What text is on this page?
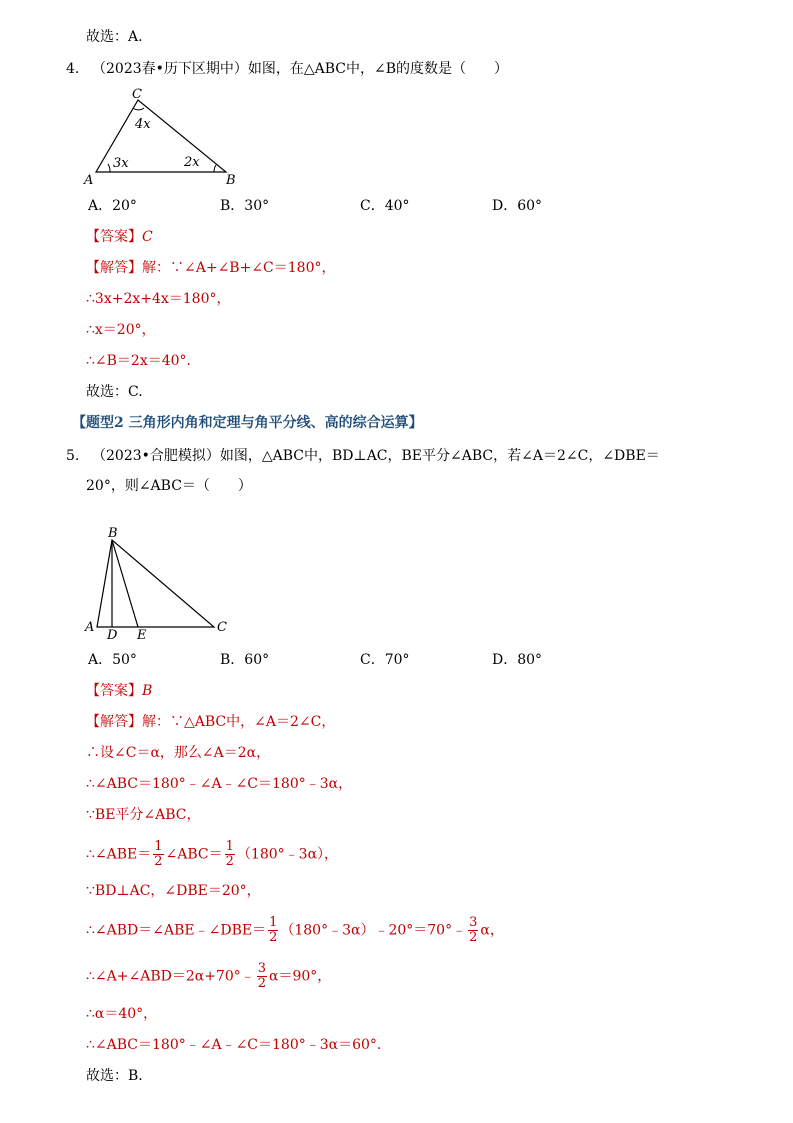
故选：A.
4. （2023春•历下区期中）如图，在△ABC中，∠B的度数是（　　）
C
A	B
4x
3x	2x
A．20°	B．30°	C．40°	D．60°
【答案】C
【解答】解：∵∠A+∠B+∠C＝180°，
∴3x+2x+4x＝180°，
∴x＝20°，
∴∠B＝2x＝40°．
故选：C.
【题型2 三角形内角和定理与角平分线、高的综合运算】
5. （2023•合肥模拟）如图，△ABC中，BD⊥AC，BE平分∠ABC，若∠A＝2∠C，∠DBE＝
20°，则∠ABC＝（　　）
B
A
D E
C
A．50°	B．60°	C．70°	D．80°
【答案】B
【解答】解：∵△ABC中，∠A＝2∠C，
∴设∠C＝α，那么∠A＝2α，
∴∠ABC＝180°﹣∠A﹣∠C＝180°﹣3α，
∵BE平分∠ABC，
∴∠ABE＝ $\frac{1}{2}$ ∠ABC＝ $\frac{1}{2}$ （180°﹣3α），
∵BD⊥AC，∠DBE＝20°，
∴∠ABD＝∠ABE﹣∠DBE＝ $\frac{1}{2}$ （180°﹣3α）﹣20°＝70°﹣ $\frac{3}{2}$ α，
∴∠A+∠ABD＝2α+70°﹣ $\frac{3}{2} \alpha=90^\circ$，
∴α＝40°，
∴∠ABC＝180°﹣∠A﹣∠C＝180°﹣3α＝60°．
故选：B.
